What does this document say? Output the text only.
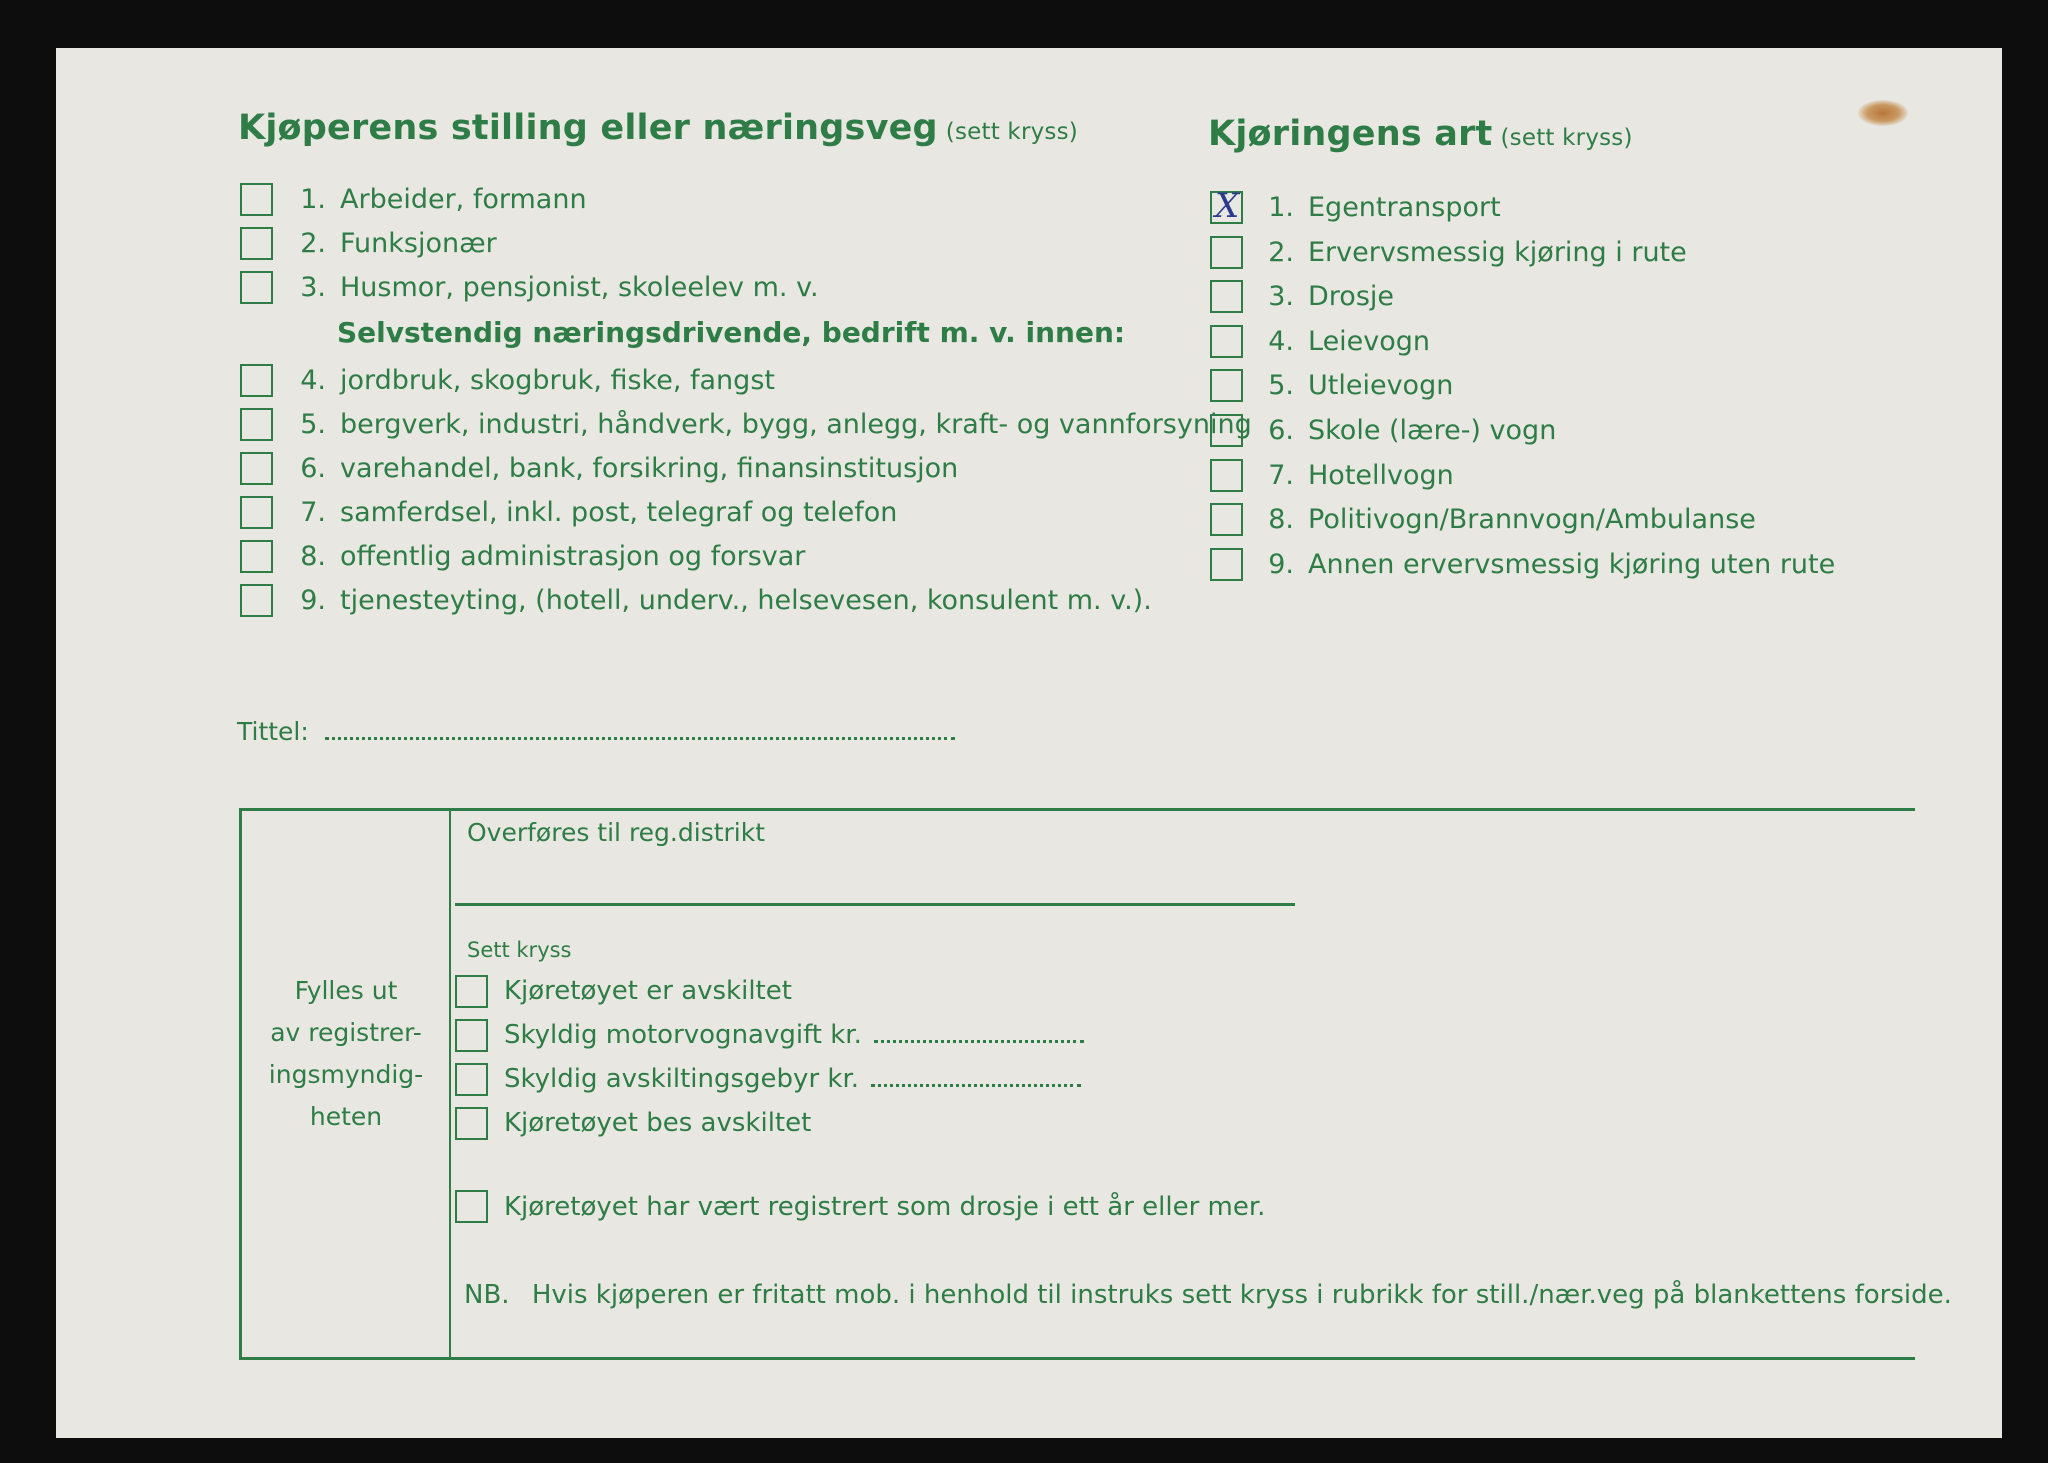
Kjøperens stilling eller næringsveg (sett kryss)
1. Arbeider, formann
2. Funksjonær
3. Husmor, pensjonist, skoleelev m. v.
Selvstendig næringsdrivende, bedrift m. v. innen:
4. jordbruk, skogbruk, fiske, fangst
5. bergverk, industri, håndverk, bygg, anlegg, kraft- og vannforsyning
6. varehandel, bank, forsikring, finansinstitusjon
7. samferdsel, inkl. post, telegraf og telefon
8. offentlig administrasjon og forsvar
9. tjenesteyting, (hotell, underv., helsevesen, konsulent m. v.).
Kjøringens art (sett kryss)
X
1. Egentransport
2. Ervervsmessig kjøring i rute
3. Drosje
4. Leievogn
5. Utleievogn
6. Skole (lære-) vogn
7. Hotellvogn
8. Politivogn/Brannvogn/Ambulanse
9. Annen ervervsmessig kjøring uten rute
Tittel:
Fylles ut
av registrer-
ingsmyndig-
heten
Overføres til reg.distrikt
Sett kryss
Kjøretøyet er avskiltet
Skyldig motorvognavgift kr.
Skyldig avskiltingsgebyr kr.
Kjøretøyet bes avskiltet
Kjøretøyet har vært registrert som drosje i ett år eller mer.
NB. Hvis kjøperen er fritatt mob. i henhold til instruks sett kryss i rubrikk for still./nær.veg på blankettens forside.
